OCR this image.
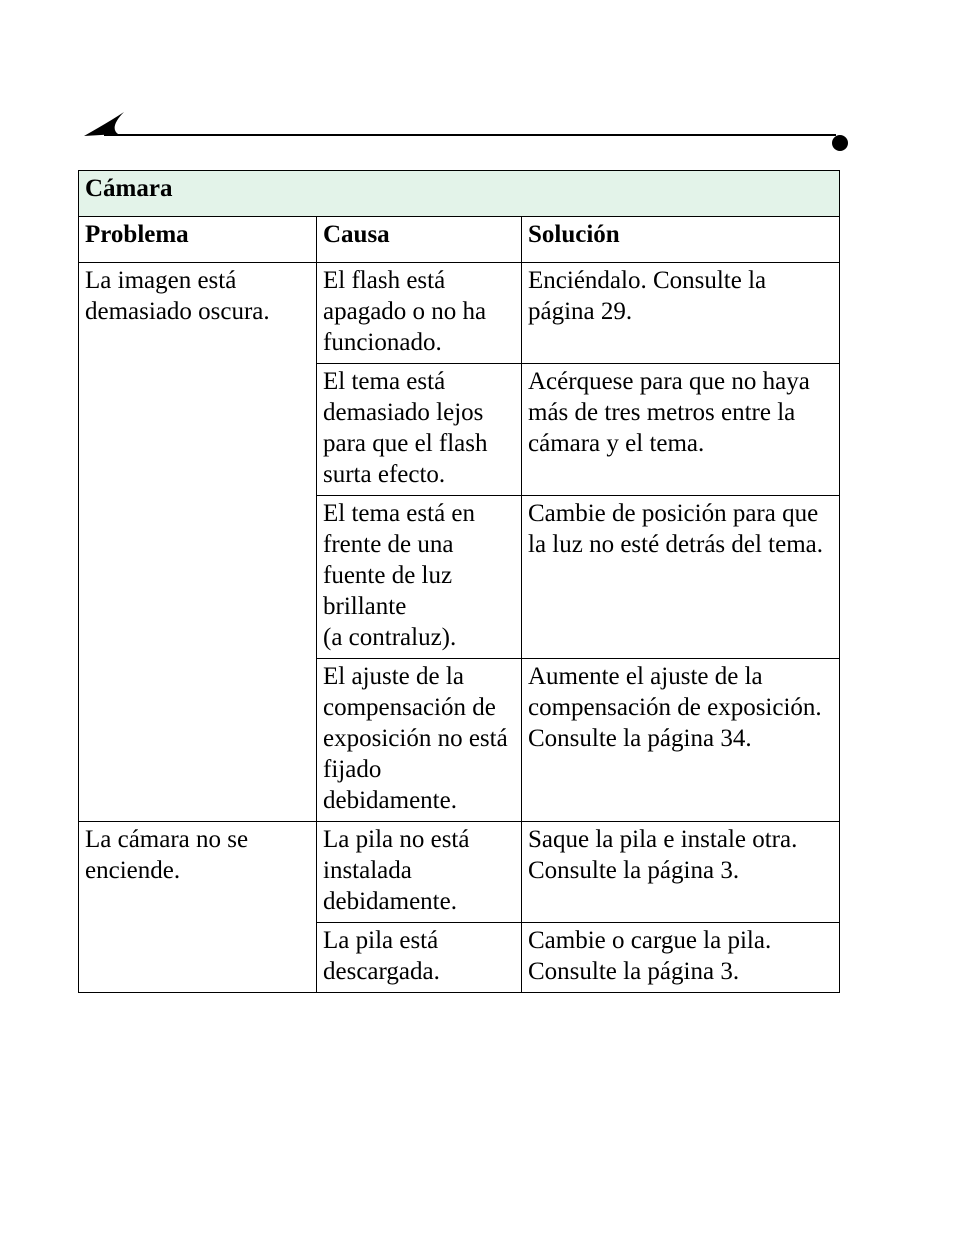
Cámara		
Problema	Causa	Solución
La imagen está
demasiado oscura.	El flash está
apagado o no ha
funcionado.	Enciéndalo. Consulte la
página 29.
	El tema está
demasiado lejos
para que el flash
surta efecto.	Acérquese para que no haya
más de tres metros entre la
cámara y el tema.
	El tema está en
frente de una
fuente de luz
brillante
(a contraluz).	Cambie de posición para que
la luz no esté detrás del tema.
	El ajuste de la
compensación de
exposición no está
fijado
debidamente.	Aumente el ajuste de la
compensación de exposición.
Consulte la página 34.
La cámara no se
enciende.	La pila no está
instalada
debidamente.	Saque la pila e instale otra.
Consulte la página 3.
	La pila está
descargada.	Cambie o cargue la pila.
Consulte la página 3.
